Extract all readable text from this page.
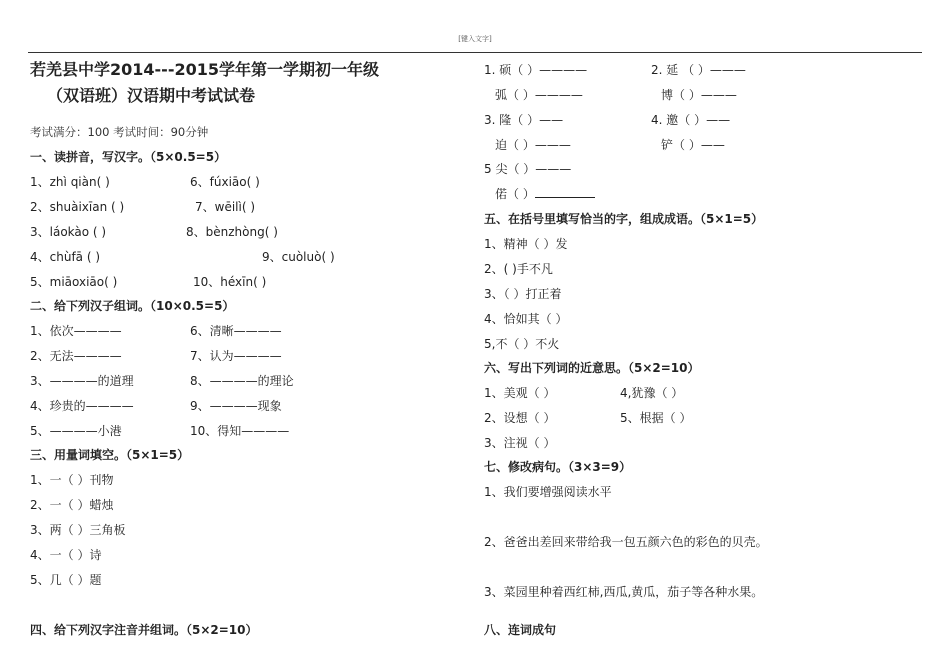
[键入文字]
若羌县中学2014---2015学年第一学期初一年级
（双语班）汉语期中考试试卷
考试满分：100 考试时间：90分钟
一、读拼音，写汉字。（5×0.5=5）
1、zhì qiàn( )	6、fúxiāo( )
2、shuàixīan ( )	7、wēilì( )
3、láokào ( )	8、bènzhòng( )
4、chùfā ( )	9、cuòluò( )
5、miāoxiāo( )	10、héxīn( )
二、给下列汉子组词。（10×0.5=5）
1、依次————	6、清晰————
2、无法————	7、认为————
3、————的道理	8、————的理论
4、珍贵的————	9、————现象
5、————小港	10、得知————
三、用量词填空。（5×1=5）
1、一（ ）刊物
2、一（ ）蜡烛
3、两（ ）三角板
4、一（ ）诗
5、几（ ）题
四、给下列汉字注音并组词。（5×2=10）
1. 硕（ ）————	2. 延 （ ）———
弧（ ）————	博（ ）———
3. 隆（ ）——	4. 邀（ ）——
迫（ ）———	铲（ ）——
5 尖（ ）———
偌（ ）
五、在括号里填写恰当的字，组成成语。（5×1=5）
1、精神（ ）发
2、( )手不凡
3、（ ）打正着
4、恰如其（ ）
5,不（ ）不火
六、写出下列词的近意思。（5×2=10）
1、美观（ ）	4,犹豫（ ）
2、设想（ ）	5、根据（ ）
3、注视（ ）
七、修改病句。（3×3=9）
1、我们要增强阅读水平
2、爸爸出差回来带给我一包五颜六色的彩色的贝壳。
3、菜园里种着西红柿,西瓜,黄瓜，茄子等各种水果。
八、连词成句
